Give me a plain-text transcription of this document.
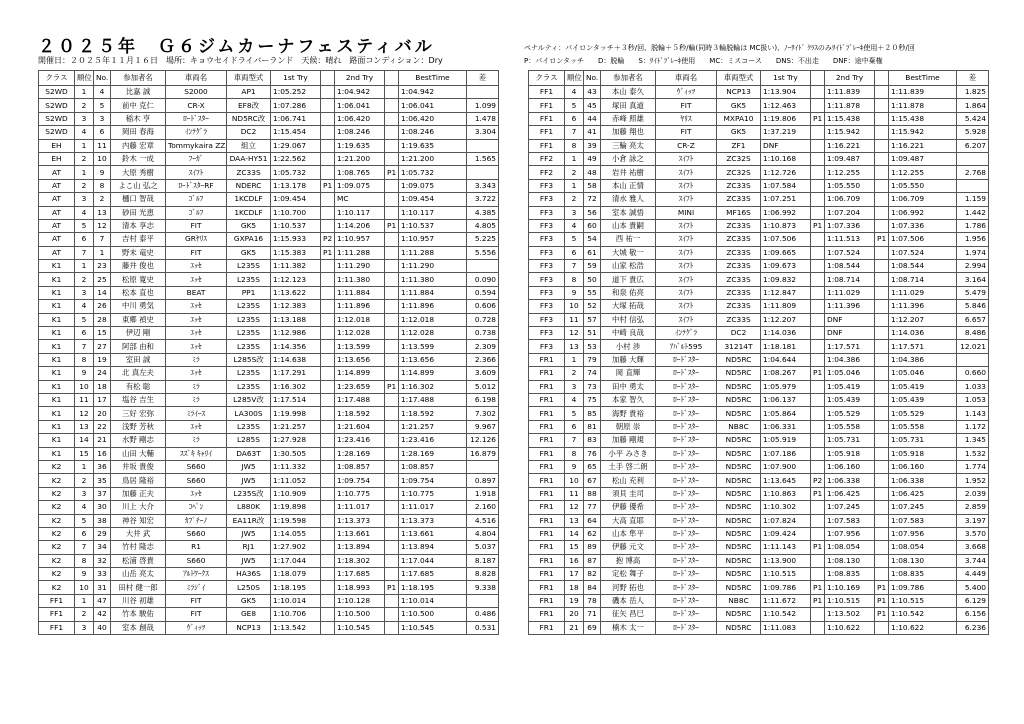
２０２５年　Ｇ６ジムカーナフェスティバル
開催日：２０２５年１１月１６日　場所：キョウセイドライバーランド　天候：晴れ　路面コンディション：Dry
ペナルティ：パイロンタッチ＋３秒/回、脱輪＋５秒/輪(同時３輪脱輪は MC扱い)、ﾉｰｻｲﾄﾞ ｸﾗｽのみｻｲﾄﾞﾌﾞﾚｰｷ使用＋２０秒/回
P：パイロンタッチ　　D：脱輪　　S：ｻｲﾄﾞﾌﾞﾚｰｷ使用　　MC：ミスコース　　DNS：不出走　　DNF：途中棄権
クラス	順位	No.	参加者名	車両名	車両型式	1st Try		2nd Try		BestTime	差
S2WD	1	4	比嘉 誠	S2000	AP1	1:05.252		1:04.942		1:04.942	
S2WD	2	5	前中 克仁	CR-X	EF8改	1:07.286		1:06.041		1:06.041	1.099
S2WD	3	3	稲木 亨	ﾛｰﾄﾞｽﾀｰ	ND5RC改	1:06.741		1:06.420		1:06.420	1.478
S2WD	4	6	岡田 春海	ｲﾝﾃｸﾞﾗ	DC2	1:15.454		1:08.246		1:08.246	3.304
EH	1	11	内藤 宏章	Tommykaira ZZ	組立	1:29.067		1:19.635		1:19.635	
EH	2	10	鈴木 一成	ﾌｰｶﾞ	DAA-HY51	1:22.562		1:21.200		1:21.200	1.565
AT	1	9	大原 秀樹	ｽｲﾌﾄ	ZC33S	1:05.732		1:08.765	P1	1:05.732	
AT	2	8	よこ山 弘之	ﾛｰﾄﾞｽﾀｰRF	NDERC	1:13.178	P1	1:09.075		1:09.075	3.343
AT	3	2	樋口 智哉	ｺﾞﾙﾌ	1KCDLF	1:09.454		MC		1:09.454	3.722
AT	4	13	砂田 光恵	ｺﾞﾙﾌ	1KCDLF	1:10.700		1:10.117		1:10.117	4.385
AT	5	12	清本 享志	FIT	GK5	1:10.537		1:14.206	P1	1:10.537	4.805
AT	6	7	吉村 泰平	GRﾔﾘｽ	GXPA16	1:15.933	P2	1:10.957		1:10.957	5.225
AT	7	1	野末 竜史	FIT	GK5	1:15.383	P1	1:11.288		1:11.288	5.556
K1	1	23	藤井 俊也	ｴｯｾ	L235S	1:11.382		1:11.290		1:11.290	
K1	2	25	松原 寛史	ｴｯｾ	L235S	1:12.123		1:11.380		1:11.380	0.090
K1	3	14	松本 直也	BEAT	PP1	1:13.622		1:11.884		1:11.884	0.594
K1	4	26	中川 勇気	ｴｯｾ	L235S	1:12.383		1:11.896		1:11.896	0.606
K1	5	28	東郷 禎史	ｴｯｾ	L235S	1:13.188		1:12.018		1:12.018	0.728
K1	6	15	伊辺 剛	ｴｯｾ	L235S	1:12.986		1:12.028		1:12.028	0.738
K1	7	27	阿部 由和	ｴｯｾ	L235S	1:14.356		1:13.599		1:13.599	2.309
K1	8	19	室田 誠	ﾐﾗ	L285S改	1:14.638		1:13.656		1:13.656	2.366
K1	9	24	北 真左夫	ｴｯｾ	L235S	1:17.291		1:14.899		1:14.899	3.609
K1	10	18	有松 聡	ﾐﾗ	L235S	1:16.302		1:23.659	P1	1:16.302	5.012
K1	11	17	塩谷 吉生	ﾐﾗ	L285V改	1:17.514		1:17.488		1:17.488	6.198
K1	12	20	三好 宏弥	ﾐﾗｲｰｽ	LA300S	1:19.998		1:18.592		1:18.592	7.302
K1	13	22	浅野 芳秋	ｴｯｾ	L235S	1:21.257		1:21.604		1:21.257	9.967
K1	14	21	水野 剛志	ﾐﾗ	L285S	1:27.928		1:23.416		1:23.416	12.126
K1	15	16	山田 大輔	ｽｽﾞｷ ｷｬﾘｲ	DA63T	1:30.505		1:28.169		1:28.169	16.879
K2	1	36	井坂 貴俊	S660	JW5	1:11.332		1:08.857		1:08.857	
K2	2	35	鳥居 隆裕	S660	JW5	1:11.052		1:09.754		1:09.754	0.897
K2	3	37	加藤 正夫	ｴｯｾ	L235S改	1:10.909		1:10.775		1:10.775	1.918
K2	4	30	川上 大介	ｺﾍﾟﾝ	L880K	1:19.898		1:11.017		1:11.017	2.160
K2	5	38	神谷 知宏	ｶﾌﾟﾁｰﾉ	EA11R改	1:19.598		1:13.373		1:13.373	4.516
K2	6	29	大井 武	S660	JW5	1:14.055		1:13.661		1:13.661	4.804
K2	7	34	竹村 隆志	R1	RJ1	1:27.902		1:13.894		1:13.894	5.037
K2	8	32	松浦 啓貴	S660	JW5	1:17.044		1:18.302		1:17.044	8.187
K2	9	33	山岳 亮太	ｱﾙﾄﾜｰｸｽ	HA36S	1:18.079		1:17.685		1:17.685	8.828
K2	10	31	田村 健一郎	ﾐﾗｼﾞｲ	L250S	1:18.195		1:18.993	P1	1:18.195	9.338
FF1	1	47	川谷 初雄	FIT	GK5	1:10.014		1:10.128		1:10.014	
FF1	2	42	竹本 駿佑	FIT	GE8	1:10.706		1:10.500		1:10.500	0.486
FF1	3	40	室本 創哉	ｳﾞｨｯﾂ	NCP13	1:13.542		1:10.545		1:10.545	0.531
クラス	順位	No.	参加者名	車両名	車両型式	1st Try		2nd Try		BestTime	差
FF1	4	43	本山 泰久	ｳﾞｨｯﾂ	NCP13	1:13.904		1:11.839		1:11.839	1.825
FF1	5	45	塚田 真道	FIT	GK5	1:12.463		1:11.878		1:11.878	1.864
FF1	6	44	赤峰 照雄	ﾔﾘｽ	MXPA10	1:19.806	P1	1:15.438		1:15.438	5.424
FF1	7	41	加藤 翔也	FIT	GK5	1:37.219		1:15.942		1:15.942	5.928
FF1	8	39	三輪 亮太	CR-Z	ZF1	DNF		1:16.221		1:16.221	6.207
FF2	1	49	小倉 詠之	ｽｲﾌﾄ	ZC32S	1:10.168		1:09.487		1:09.487	
FF2	2	48	岩井 祐樹	ｽｲﾌﾄ	ZC32S	1:12.726		1:12.255		1:12.255	2.768
FF3	1	58	本山 正情	ｽｲﾌﾄ	ZC33S	1:07.584		1:05.550		1:05.550	
FF3	2	72	清水 雅人	ｽｲﾌﾄ	ZC33S	1:07.251		1:06.709		1:06.709	1.159
FF3	3	56	室本 誠悟	MINI	MF16S	1:06.992		1:07.204		1:06.992	1.442
FF3	4	60	山本 貴嗣	ｽｲﾌﾄ	ZC33S	1:10.873	P1	1:07.336		1:07.336	1.786
FF3	5	54	西 祐一	ｽｲﾌﾄ	ZC33S	1:07.506		1:11.513	P1	1:07.506	1.956
FF3	6	61	大城 敬一	ｽｲﾌﾄ	ZC33S	1:09.665		1:07.524		1:07.524	1.974
FF3	7	59	山家 松浩	ｽｲﾌﾄ	ZC33S	1:09.673		1:08.544		1:08.544	2.994
FF3	8	50	道下 貴広	ｽｲﾌﾄ	ZC33S	1:09.832		1:08.714		1:08.714	3.164
FF3	9	55	和泉 佑亮	ｽｲﾌﾄ	ZC33S	1:12.847		1:11.029		1:11.029	5.479
FF3	10	52	大塚 拓哉	ｽｲﾌﾄ	ZC33S	1:11.809		1:11.396		1:11.396	5.846
FF3	11	57	中村 信弘	ｽｲﾌﾄ	ZC33S	1:12.207		DNF		1:12.207	6.657
FF3	12	51	中崎 良哉	ｲﾝﾃｸﾞﾗ	DC2	1:14.036		DNF		1:14.036	8.486
FF3	13	53	小村 渉	ｱﾊﾞﾙﾄ595	31214T	1:18.181		1:17.571		1:17.571	12.021
FR1	1	79	加藤 大輝	ﾛｰﾄﾞｽﾀｰ	ND5RC	1:04.644		1:04.386		1:04.386	
FR1	2	74	岡 直輝	ﾛｰﾄﾞｽﾀｰ	ND5RC	1:08.267	P1	1:05.046		1:05.046	0.660
FR1	3	73	田中 勇太	ﾛｰﾄﾞｽﾀｰ	ND5RC	1:05.979		1:05.419		1:05.419	1.033
FR1	4	75	本家 智久	ﾛｰﾄﾞｽﾀｰ	ND5RC	1:06.137		1:05.439		1:05.439	1.053
FR1	5	85	海野 貴裕	ﾛｰﾄﾞｽﾀｰ	ND5RC	1:05.864		1:05.529		1:05.529	1.143
FR1	6	81	朝原 崇	ﾛｰﾄﾞｽﾀｰ	NB8C	1:06.331		1:05.558		1:05.558	1.172
FR1	7	83	加藤 剛規	ﾛｰﾄﾞｽﾀｰ	ND5RC	1:05.919		1:05.731		1:05.731	1.345
FR1	8	76	小平 みさき	ﾛｰﾄﾞｽﾀｰ	ND5RC	1:07.186		1:05.918		1:05.918	1.532
FR1	9	65	土手 啓二朗	ﾛｰﾄﾞｽﾀｰ	ND5RC	1:07.900		1:06.160		1:06.160	1.774
FR1	10	67	松山 充利	ﾛｰﾄﾞｽﾀｰ	ND5RC	1:13.645	P2	1:06.338		1:06.338	1.952
FR1	11	88	須貝 圭司	ﾛｰﾄﾞｽﾀｰ	ND5RC	1:10.863	P1	1:06.425		1:06.425	2.039
FR1	12	77	伊藤 優希	ﾛｰﾄﾞｽﾀｰ	ND5RC	1:10.302		1:07.245		1:07.245	2.859
FR1	13	64	大高 直耶	ﾛｰﾄﾞｽﾀｰ	ND5RC	1:07.824		1:07.583		1:07.583	3.197
FR1	14	62	山本 隼平	ﾛｰﾄﾞｽﾀｰ	ND5RC	1:09.424		1:07.956		1:07.956	3.570
FR1	15	89	伊藤 元文	ﾛｰﾄﾞｽﾀｰ	ND5RC	1:11.143	P1	1:08.054		1:08.054	3.668
FR1	16	87	抱 博高	ﾛｰﾄﾞｽﾀｰ	ND5RC	1:13.900		1:08.130		1:08.130	3.744
FR1	17	82	定松 舞子	ﾛｰﾄﾞｽﾀｰ	ND5RC	1:10.515		1:08.835		1:08.835	4.449
FR1	18	84	河野 拓也	ﾛｰﾄﾞｽﾀｰ	ND5RC	1:09.786	P1	1:10.169	P1	1:09.786	5.400
FR1	19	78	磯本 岳人	ﾛｰﾄﾞｽﾀｰ	NB8C	1:11.672	P1	1:10.515	P1	1:10.515	6.129
FR1	20	71	征矢 昌巳	ﾛｰﾄﾞｽﾀｰ	ND5RC	1:10.542		1:13.502	P1	1:10.542	6.156
FR1	21	69	楠木 太一	ﾛｰﾄﾞｽﾀｰ	ND5RC	1:11.083		1:10.622		1:10.622	6.236
